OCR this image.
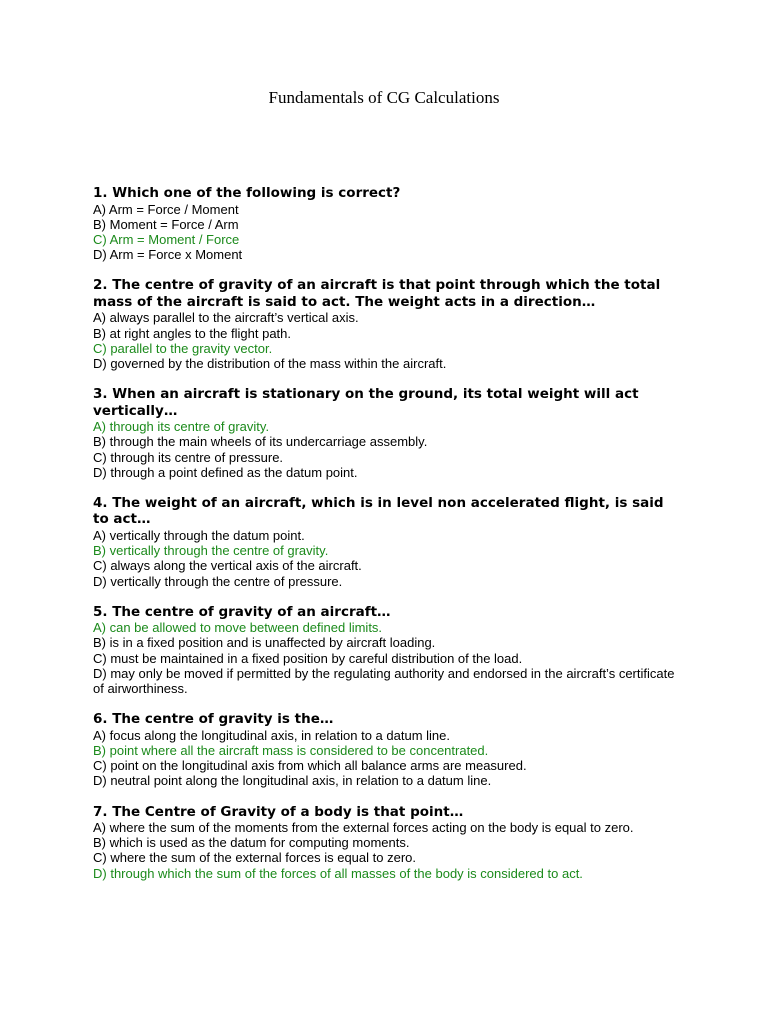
Fundamentals of CG Calculations

1. Which one of the following is correct?

A) Arm = Force / Moment

B) Moment = Force / Arm

C) Arm = Moment / Force

D) Arm = Force x Moment

2. The centre of gravity of an aircraft is that point through which the total mass of the aircraft is said to act. The weight acts in a direction…

A) always parallel to the aircraft’s vertical axis.

B) at right angles to the flight path.

C) parallel to the gravity vector.

D) governed by the distribution of the mass within the aircraft.

3. When an aircraft is stationary on the ground, its total weight will act vertically…

A) through its centre of gravity.

B) through the main wheels of its undercarriage assembly.

C) through its centre of pressure.

D) through a point defined as the datum point.

4. The weight of an aircraft, which is in level non accelerated flight, is said to act…

A) vertically through the datum point.

B) vertically through the centre of gravity.

C) always along the vertical axis of the aircraft.

D) vertically through the centre of pressure.

5. The centre of gravity of an aircraft…

A) can be allowed to move between defined limits.

B) is in a fixed position and is unaffected by aircraft loading.

C) must be maintained in a fixed position by careful distribution of the load.

D) may only be moved if permitted by the regulating authority and endorsed in the aircraft’s certificate of airworthiness.

6. The centre of gravity is the…

A) focus along the longitudinal axis, in relation to a datum line.

B) point where all the aircraft mass is considered to be concentrated.

C) point on the longitudinal axis from which all balance arms are measured.

D) neutral point along the longitudinal axis, in relation to a datum line.

7. The Centre of Gravity of a body is that point…

A) where the sum of the moments from the external forces acting on the body is equal to zero.

B) which is used as the datum for computing moments.

C) where the sum of the external forces is equal to zero.

D) through which the sum of the forces of all masses of the body is considered to act.
